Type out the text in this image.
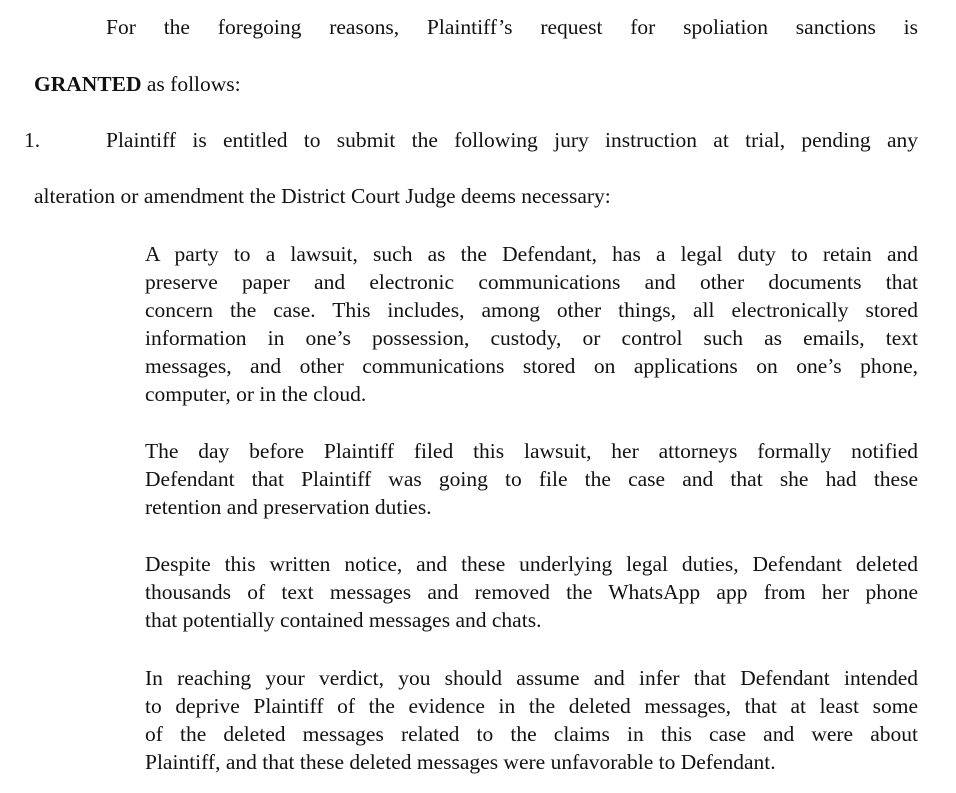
For the foregoing reasons, Plaintiff’s request for spoliation sanctions is
GRANTED as follows:
1.	Plaintiff is entitled to submit the following jury instruction at trial, pending any
alteration or amendment the District Court Judge deems necessary:
A party to a lawsuit, such as the Defendant, has a legal duty to retain and
preserve paper and electronic communications and other documents that
concern the case. This includes, among other things, all electronically stored
information in one’s possession, custody, or control such as emails, text
messages, and other communications stored on applications on one’s phone,
computer, or in the cloud.
The day before Plaintiff filed this lawsuit, her attorneys formally notified
Defendant that Plaintiff was going to file the case and that she had these
retention and preservation duties.
Despite this written notice, and these underlying legal duties, Defendant deleted
thousands of text messages and removed the WhatsApp app from her phone
that potentially contained messages and chats.
In reaching your verdict, you should assume and infer that Defendant intended
to deprive Plaintiff of the evidence in the deleted messages, that at least some
of the deleted messages related to the claims in this case and were about
Plaintiff, and that these deleted messages were unfavorable to Defendant.
